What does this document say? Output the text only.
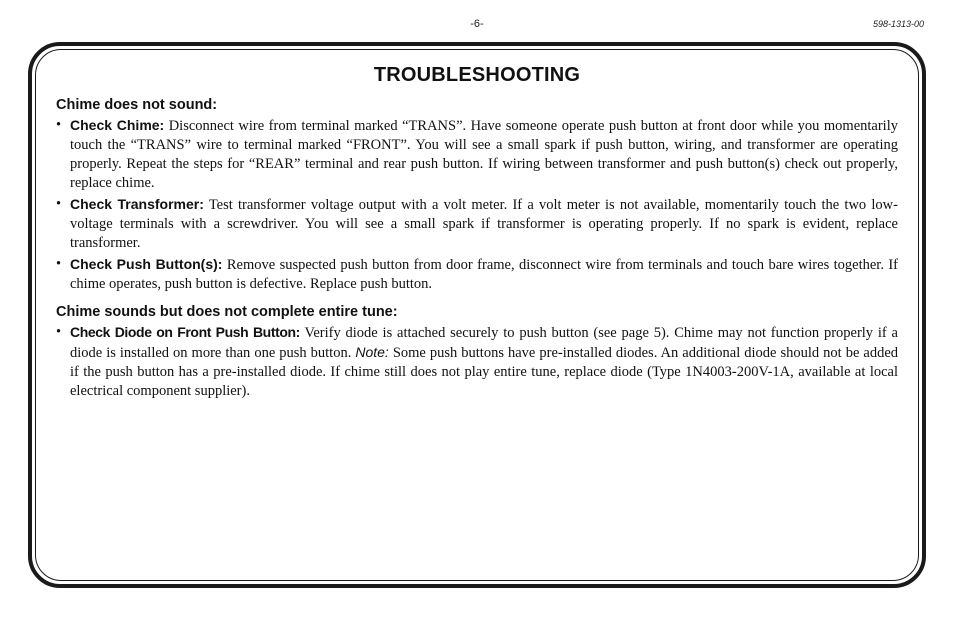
-6-	598-1313-00
TROUBLESHOOTING
Chime does not sound:
• Check Chime: Disconnect wire from terminal marked “TRANS”. Have someone operate push button at front door while you momentarily touch the “TRANS” wire to terminal marked “FRONT”. You will see a small spark if push button, wiring, and transformer are operating properly. Repeat the steps for “REAR” terminal and rear push button. If wiring between transformer and push button(s) check out properly, replace chime.
• Check Transformer: Test transformer voltage output with a volt meter. If a volt meter is not available, momentarily touch the two low-voltage terminals with a screwdriver. You will see a small spark if transformer is operating properly. If no spark is evident, replace transformer.
• Check Push Button(s): Remove suspected push button from door frame, disconnect wire from terminals and touch bare wires together. If chime operates, push button is defective. Replace push button.
Chime sounds but does not complete entire tune:
• Check Diode on Front Push Button: Verify diode is attached securely to push button (see page 5). Chime may not function properly if a diode is installed on more than one push button. Note: Some push buttons have pre-installed diodes. An additional diode should not be added if the push button has a pre-installed diode. If chime still does not play entire tune, replace diode (Type 1N4003-200V-1A, available at local electrical component supplier).
